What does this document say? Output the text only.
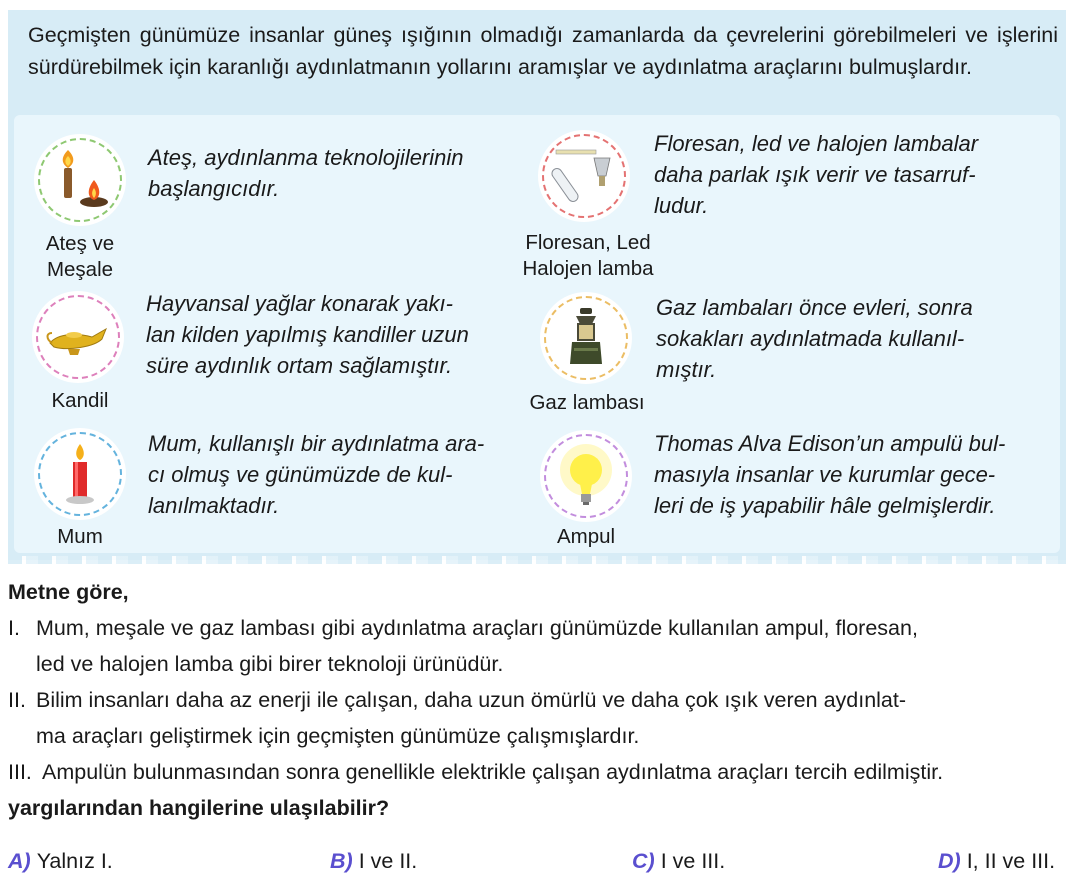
Geçmişten günümüze insanlar güneş ışığının olmadığı zamanlarda da çevrelerini görebilmeleri ve işlerini sürdürebilmek için karanlığı aydınlatmanın yollarını aramışlar ve aydınlatma araçlarını bulmuşlardır.

Ateş ve
Meşale
Ateş, aydınlanma teknolojilerinin
başlangıcıdır.
Floresan, Led
Halojen lamba
Floresan, led ve halojen lambalar
daha parlak ışık verir ve tasarruf-
ludur.
Kandil
Hayvansal yağlar konarak yakı-
lan kilden yapılmış kandiller uzun
süre aydınlık ortam sağlamıştır.
Gaz lambası
Gaz lambaları önce evleri, sonra
sokakları aydınlatmada kullanıl-
mıştır.
Mum
Mum, kullanışlı bir aydınlatma ara-
cı olmuş ve günümüzde de kul-
lanılmaktadır.
Ampul
Thomas Alva Edison’un ampulü bul-
masıyla insanlar ve kurumlar gece-
leri de iş yapabilir hâle gelmişlerdir.

Metne göre,

I. Mum, meşale ve gaz lambası gibi aydınlatma araçları günümüzde kullanılan ampul, floresan,
led ve halojen lamba gibi birer teknoloji ürünüdür.
II. Bilim insanları daha az enerji ile çalışan, daha uzun ömürlü ve daha çok ışık veren aydınlat-
ma araçları geliştirmek için geçmişten günümüze çalışmışlardır.
III. Ampulün bulunmasından sonra genellikle elektrikle çalışan aydınlatma araçları tercih edilmiştir.

yargılarından hangilerine ulaşılabilir?

A) Yalnız I.	B) I ve II.	C) I ve III.	D) I, II ve III.
